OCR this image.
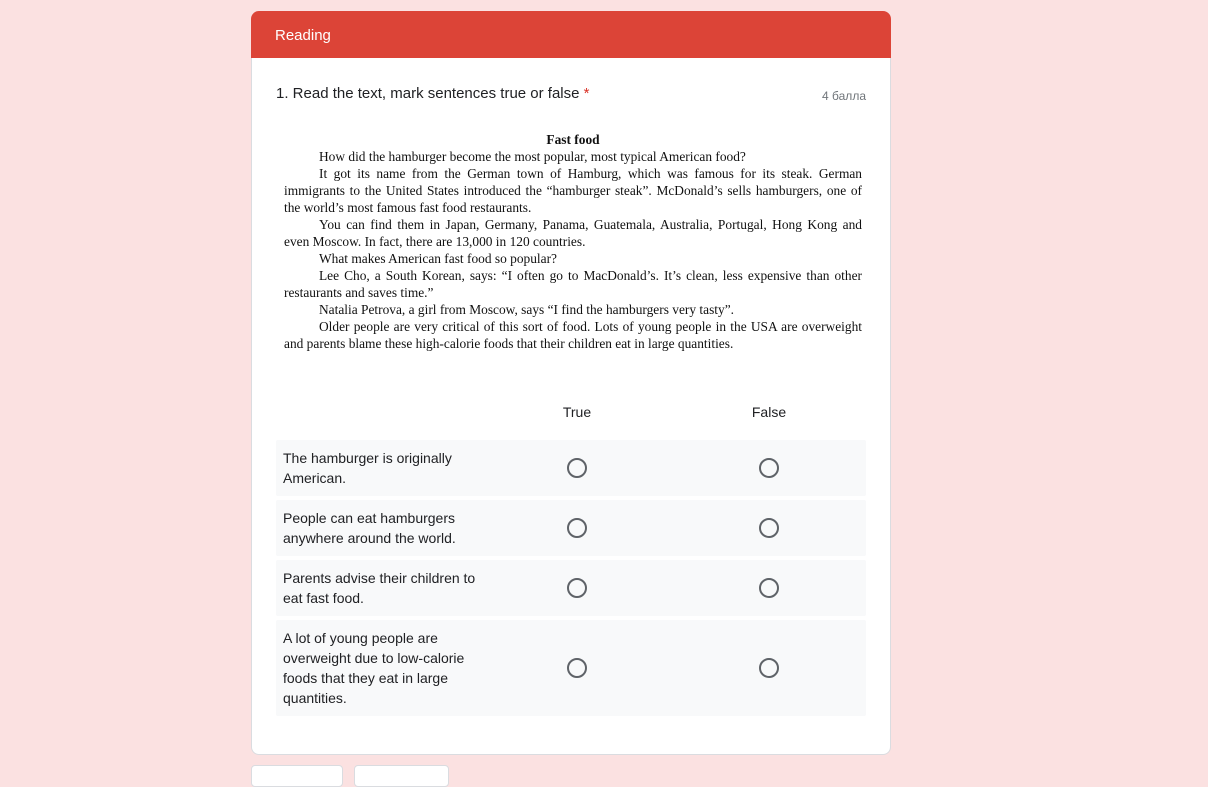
Reading
1. Read the text, mark sentences true or false *	4 балла
Fast food

How did the hamburger become the most popular, most typical American food?

It got its name from the German town of Hamburg, which was famous for its steak. German immigrants to the United States introduced the “hamburger steak”. McDonald’s sells hamburgers, one of the world’s most famous fast food restaurants.

You can find them in Japan, Germany, Panama, Guatemala, Australia, Portugal, Hong Kong and even Moscow. In fact, there are 13,000 in 120 countries.

What makes American fast food so popular?

Lee Cho, a South Korean, says: “I often go to MacDonald’s. It’s clean, less expensive than other restaurants and saves time.”

Natalia Petrova, a girl from Moscow, says “I find the hamburgers very tasty”.

Older people are very critical of this sort of food. Lots of young people in the USA are overweight and parents blame these high-calorie foods that their children eat in large quantities.

True	False
The hamburger is originally American.
People can eat hamburgers anywhere around the world.
Parents advise their children to eat fast food.
A lot of young people are overweight due to low-calorie foods that they eat in large quantities.
